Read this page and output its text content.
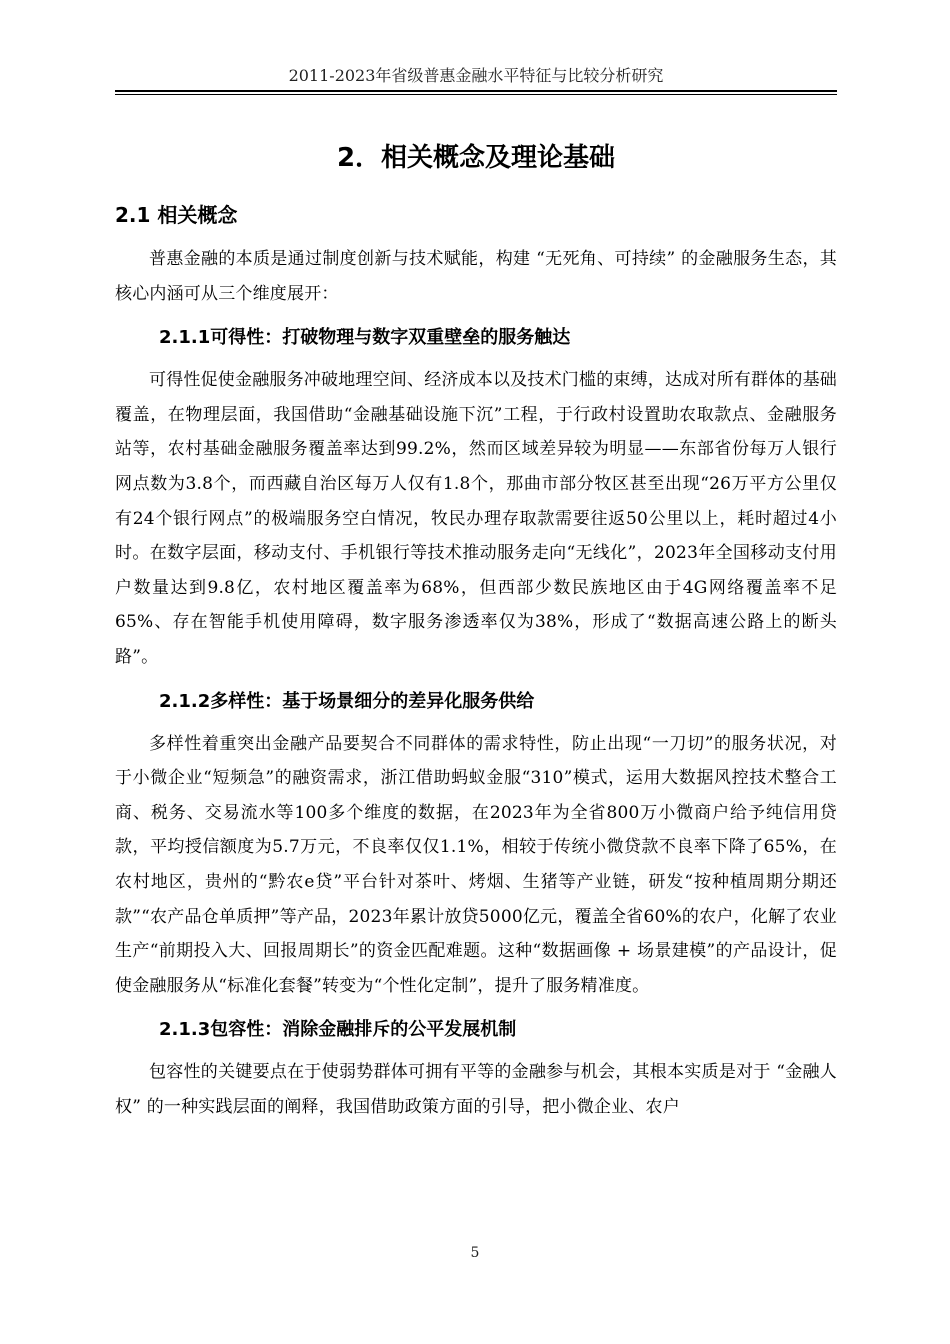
2011-2023年省级普惠金融水平特征与比较分析研究
2．相关概念及理论基础
2.1 相关概念

普惠金融的本质是通过制度创新与技术赋能，构建 “无死角、可持续” 的金融服务生态，其核心内涵可从三个维度展开：

2.1.1可得性：打破物理与数字双重壁垒的服务触达

可得性促使金融服务冲破地理空间、经济成本以及技术门槛的束缚，达成对所有群体的基础覆盖，在物理层面，我国借助“金融基础设施下沉”工程，于行政村设置助农取款点、金融服务站等，农村基础金融服务覆盖率达到99.2%，然而区域差异较为明显——东部省份每万人银行网点数为3.8个，而西藏自治区每万人仅有1.8个，那曲市部分牧区甚至出现“26万平方公里仅有24个银行网点”的极端服务空白情况，牧民办理存取款需要往返50公里以上，耗时超过4小时。在数字层面，移动支付、手机银行等技术推动服务走向“无线化”，2023年全国移动支付用户数量达到9.8亿，农村地区覆盖率为68%，但西部少数民族地区由于4G网络覆盖率不足65%、存在智能手机使用障碍，数字服务渗透率仅为38%，形成了“数据高速公路上的断头路”。

2.1.2多样性：基于场景细分的差异化服务供给

多样性着重突出金融产品要契合不同群体的需求特性，防止出现“一刀切”的服务状况，对于小微企业“短频急”的融资需求，浙江借助蚂蚁金服“310”模式，运用大数据风控技术整合工商、税务、交易流水等100多个维度的数据，在2023年为全省800万小微商户给予纯信用贷款，平均授信额度为5.7万元，不良率仅仅1.1%，相较于传统小微贷款不良率下降了65%，在农村地区，贵州的“黔农e贷”平台针对茶叶、烤烟、生猪等产业链，研发“按种植周期分期还款”“农产品仓单质押”等产品，2023年累计放贷5000亿元，覆盖全省60%的农户，化解了农业生产“前期投入大、回报周期长”的资金匹配难题。这种“数据画像 + 场景建模”的产品设计，促使金融服务从“标准化套餐”转变为“个性化定制”，提升了服务精准度。

2.1.3包容性：消除金融排斥的公平发展机制

包容性的关键要点在于使弱势群体可拥有平等的金融参与机会，其根本实质是对于 “金融人权” 的一种实践层面的阐释，我国借助政策方面的引导，把小微企业、农户

5
